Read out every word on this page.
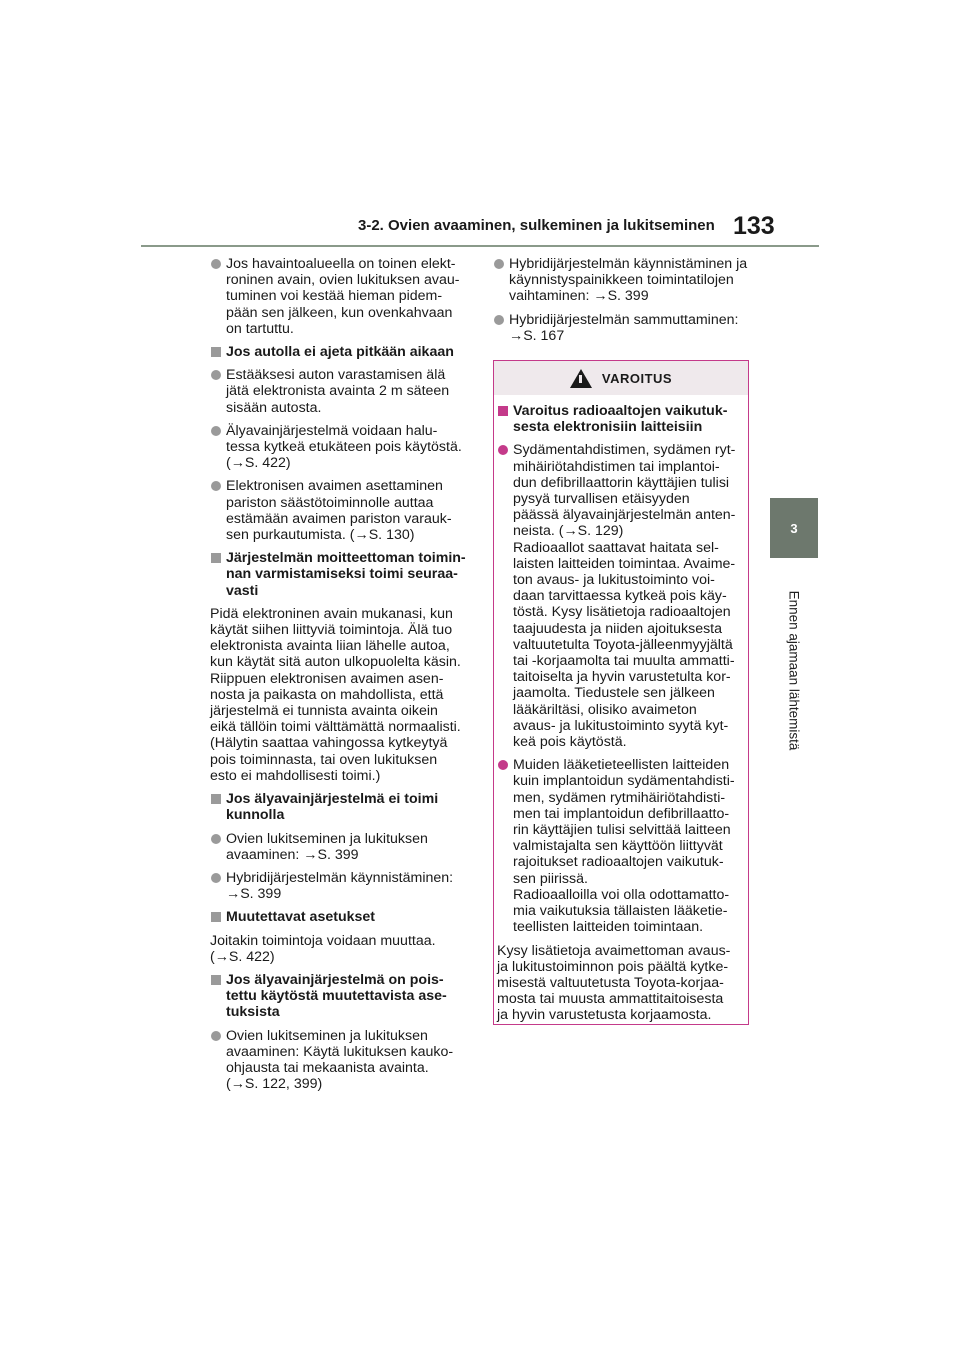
3-2. Ovien avaaminen, sulkeminen ja lukitseminen 133
3
Ennen ajamaan lähtemistä
Jos havaintoalueella on toinen elekt-
roninen avain, ovien lukituksen avau-
tuminen voi kestää hieman pidem-
pään sen jälkeen, kun ovenkahvaan
on tartuttu.
Jos autolla ei ajeta pitkään aikaan
Estääksesi auton varastamisen älä
jätä elektronista avainta 2 m säteen
sisään autosta.
Älyavainjärjestelmä voidaan halu-
tessa kytkeä etukäteen pois käytöstä.
(→S. 422)
Elektronisen avaimen asettaminen
pariston säästötoiminnolle auttaa
estämään avaimen pariston varauk-
sen purkautumista. (→S. 130)
Järjestelmän moitteettoman toimin-
nan varmistamiseksi toimi seuraa-
vasti
Pidä elektroninen avain mukanasi, kun
käytät siihen liittyviä toimintoja. Älä tuo
elektronista avainta liian lähelle autoa,
kun käytät sitä auton ulkopuolelta käsin.
Riippuen elektronisen avaimen asen-
nosta ja paikasta on mahdollista, että
järjestelmä ei tunnista avainta oikein
eikä tällöin toimi välttämättä normaalisti.
(Hälytin saattaa vahingossa kytkeytyä
pois toiminnasta, tai oven lukituksen
esto ei mahdollisesti toimi.)
Jos älyavainjärjestelmä ei toimi
kunnolla
Ovien lukitseminen ja lukituksen
avaaminen: →S. 399
Hybridijärjestelmän käynnistäminen:
→S. 399
Muutettavat asetukset
Joitakin toimintoja voidaan muuttaa.
(→S. 422)
Jos älyavainjärjestelmä on pois-
tettu käytöstä muutettavista ase-
tuksista
Ovien lukitseminen ja lukituksen
avaaminen: Käytä lukituksen kauko-
ohjausta tai mekaanista avainta.
(→S. 122, 399)
Hybridijärjestelmän käynnistäminen ja
käynnistyspainikkeen toimintatilojen
vaihtaminen: →S. 399
Hybridijärjestelmän sammuttaminen:
→S. 167
VAROITUS
Varoitus radioaaltojen vaikutuk-
sesta elektronisiin laitteisiin
Sydämentahdistimen, sydämen ryt-
mihäiriötahdistimen tai implantoi-
dun defibrillaattorin käyttäjien tulisi
pysyä turvallisen etäisyyden
päässä älyavainjärjestelmän anten-
neista. (→S. 129)
Radioaallot saattavat haitata sel-
laisten laitteiden toimintaa. Avaime-
ton avaus- ja lukitustoiminto voi-
daan tarvittaessa kytkeä pois käy-
töstä. Kysy lisätietoja radioaaltojen
taajuudesta ja niiden ajoituksesta
valtuutetulta Toyota-jälleenmyyjältä
tai -korjaamolta tai muulta ammatti-
taitoiselta ja hyvin varustetulta kor-
jaamolta. Tiedustele sen jälkeen
lääkäriltäsi, olisiko avaimeton
avaus- ja lukitustoiminto syytä kyt-
keä pois käytöstä.
Muiden lääketieteellisten laitteiden
kuin implantoidun sydämentahdisti-
men, sydämen rytmihäiriötahdisti-
men tai implantoidun defibrillaatto-
rin käyttäjien tulisi selvittää laitteen
valmistajalta sen käyttöön liittyvät
rajoitukset radioaaltojen vaikutuk-
sen piirissä.
Radioaalloilla voi olla odottamatto-
mia vaikutuksia tällaisten lääketie-
teellisten laitteiden toimintaan.
Kysy lisätietoja avaimettoman avaus-
ja lukitustoiminnon pois päältä kytke-
misestä valtuutetusta Toyota-korjaa-
mosta tai muusta ammattitaitoisesta
ja hyvin varustetusta korjaamosta.
